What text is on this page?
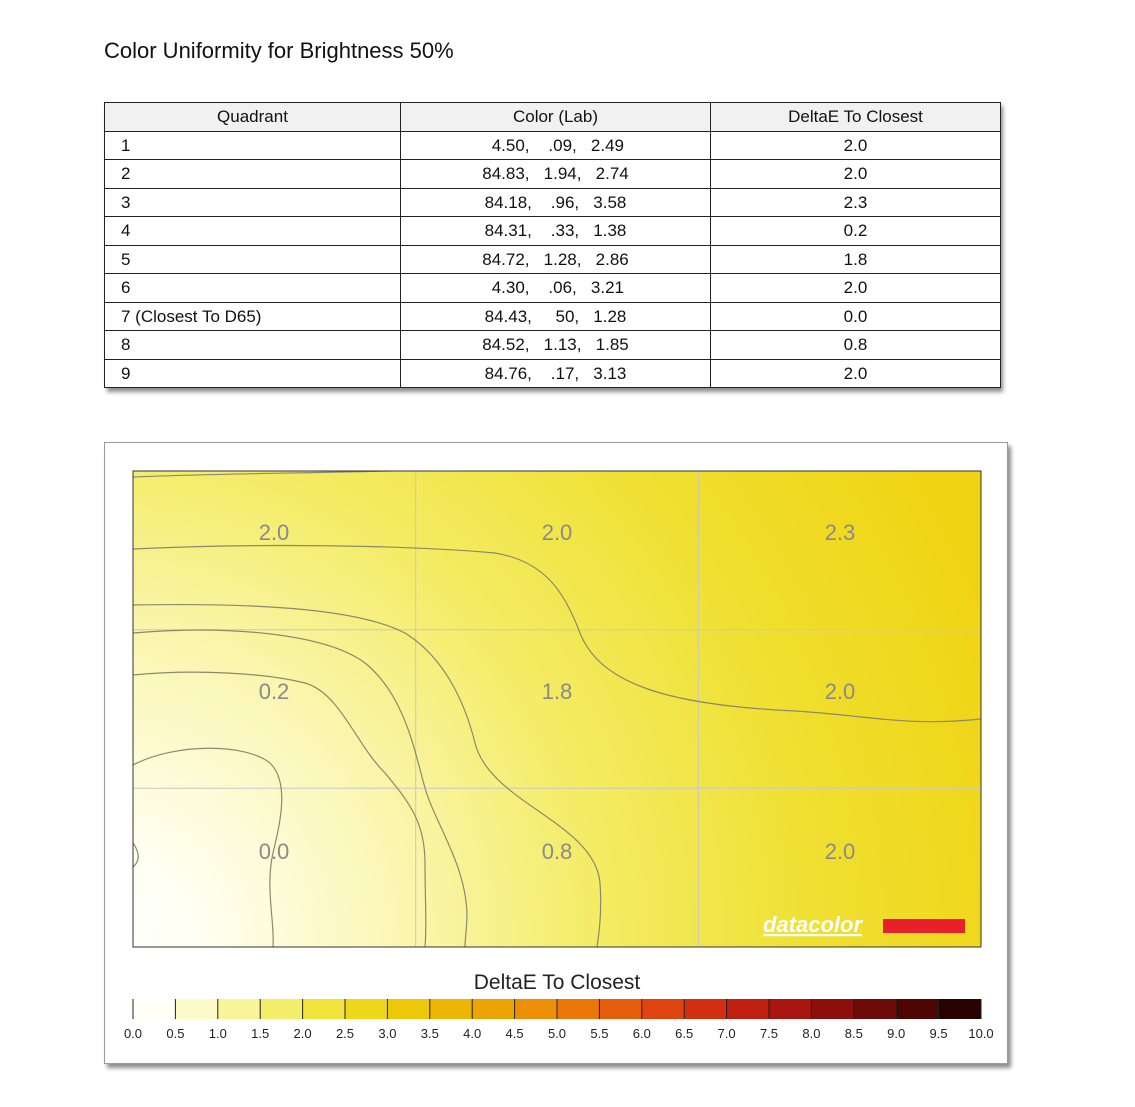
Color Uniformity for Brightness 50%
Quadrant	Color (Lab)	DeltaE To Closest
1	4.50,    .09,   2.49	2.0
2	84.83,   1.94,   2.74	2.0
3	84.18,    .96,   3.58	2.3
4	84.31,    .33,   1.38	0.2
5	84.72,   1.28,   2.86	1.8
6	4.30,    .06,   3.21	2.0
7 (Closest To D65)	84.43,     50,   1.28	0.0
8	84.52,   1.13,   1.85	0.8
9	84.76,    .17,   3.13	2.0
2.0	2.0	2.3
0.2	1.8	2.0
0.0	0.8	2.0
datacolor
DeltaE To Closest
0.0 0.5 1.0 1.5 2.0 2.5 3.0 3.5 4.0 4.5 5.0 5.5 6.0 6.5 7.0 7.5 8.0 8.5 9.0 9.5 10.0
